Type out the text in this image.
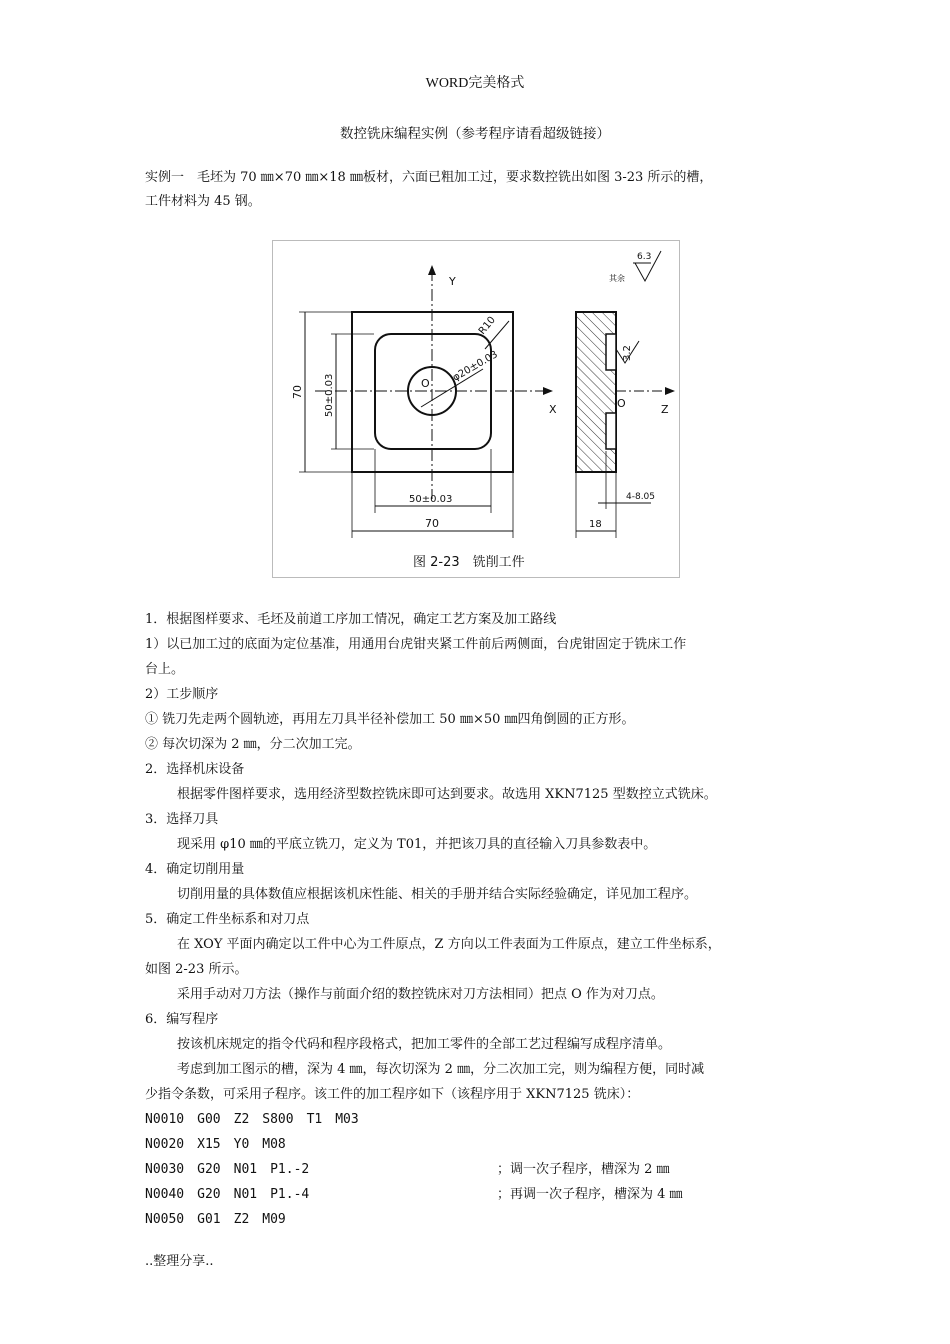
WORD完美格式
数控铣床编程实例（参考程序请看超级链接）
实例一　毛坯为 70 ㎜×70 ㎜×18 ㎜板材，六面已粗加工过，要求数控铣出如图 3-23 所示的槽，
工件材料为 45 钢。
Y
X	Z
O
O
R10
φ20±0.03
70 50±0.03
50±0.03
70	18
4-8.05
3.2
6.3
其余
图 2-23　铣削工件
1．根据图样要求、毛坯及前道工序加工情况，确定工艺方案及加工路线
1）以已加工过的底面为定位基准，用通用台虎钳夹紧工件前后两侧面，台虎钳固定于铣床工作
台上。
2）工步顺序
① 铣刀先走两个圆轨迹，再用左刀具半径补偿加工 50 ㎜×50 ㎜四角倒圆的正方形。
② 每次切深为 2 ㎜，分二次加工完。
2．选择机床设备
根据零件图样要求，选用经济型数控铣床即可达到要求。故选用 XKN7125 型数控立式铣床。
3．选择刀具
现采用 φ10 ㎜的平底立铣刀，定义为 T01，并把该刀具的直径输入刀具参数表中。
4．确定切削用量
切削用量的具体数值应根据该机床性能、相关的手册并结合实际经验确定，详见加工程序。
5．确定工件坐标系和对刀点
在 XOY 平面内确定以工件中心为工件原点，Z 方向以工件表面为工件原点，建立工件坐标系，
如图 2-23 所示。
采用手动对刀方法（操作与前面介绍的数控铣床对刀方法相同）把点 O 作为对刀点。
6．编写程序
按该机床规定的指令代码和程序段格式，把加工零件的全部工艺过程编写成程序清单。
考虑到加工图示的槽，深为 4 ㎜，每次切深为 2 ㎜，分二次加工完，则为编程方便，同时减
少指令条数，可采用子程序。该工件的加工程序如下（该程序用于 XKN7125 铣床）：
N0010　G00　Z2　S800　T1　M03
N0020　X15　Y0　M08
N0030　G20　N01　P1.-2	；调一次子程序，槽深为 2 ㎜
N0040　G20　N01　P1.-4	；再调一次子程序，槽深为 4 ㎜
N0050　G01　Z2　M09
..整理分享..
